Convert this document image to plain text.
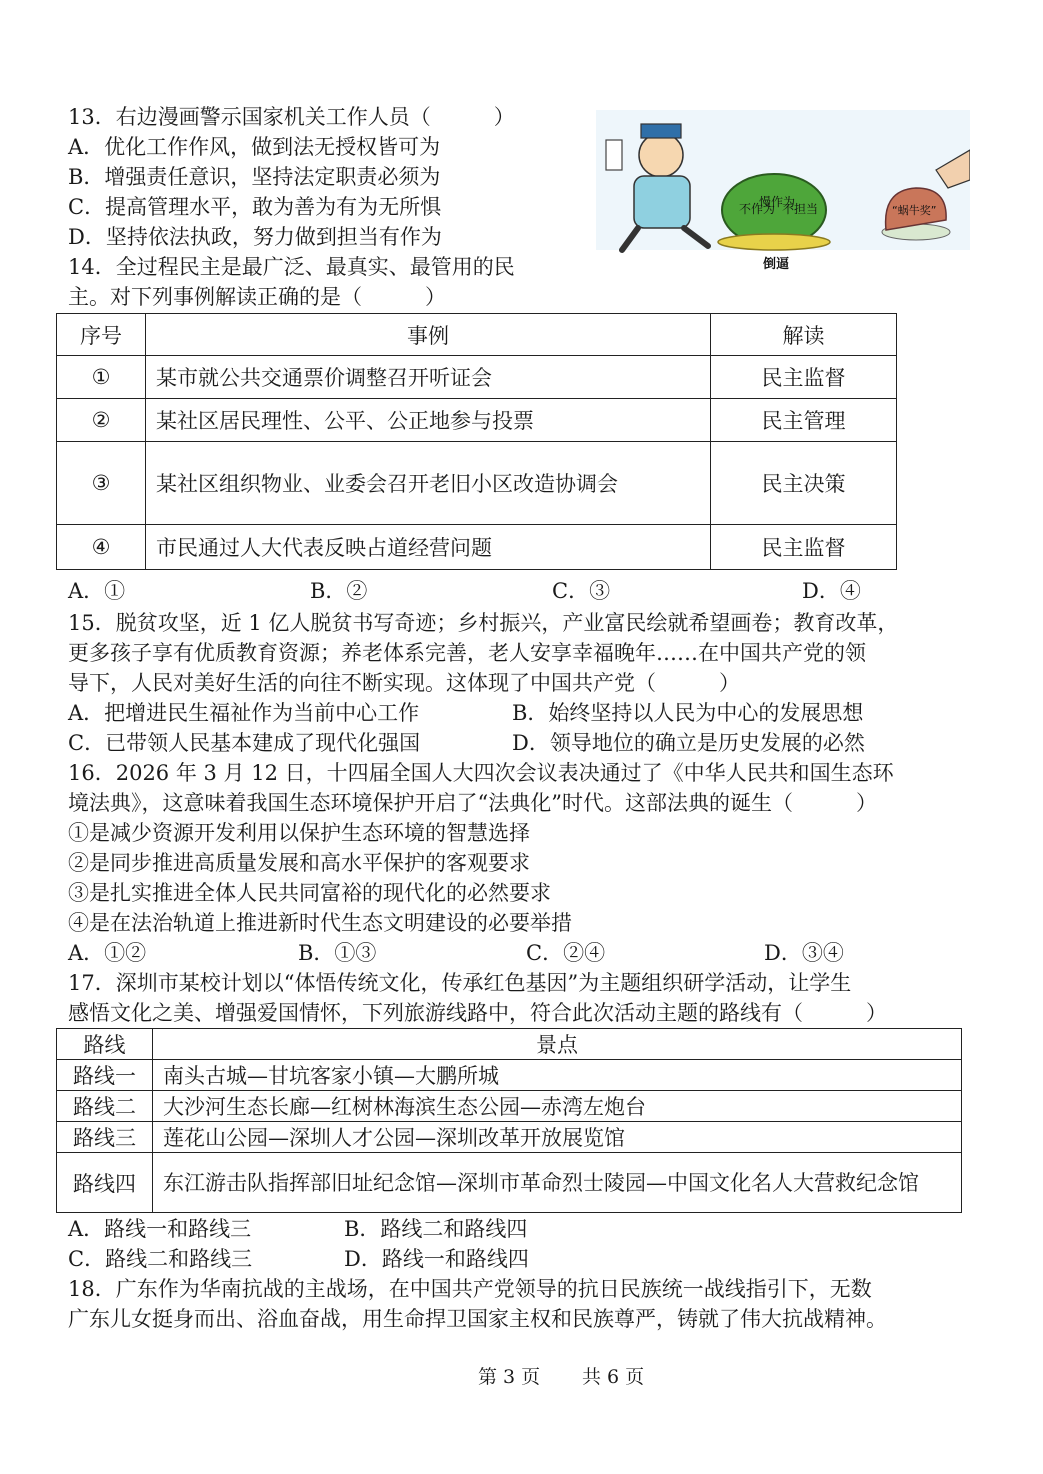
13．右边漫画警示国家机关工作人员（　　　）
A．优化工作作风，做到法无授权皆可为
B．增强责任意识，坚持法定职责必须为
C．提高管理水平，敢为善为有为无所惧
D．坚持依法执政，努力做到担当有作为
不作为
慢作为
不担当	“蜗牛奖”
倒逼
14．全过程民主是最广泛、最真实、最管用的民
主。对下列事例解读正确的是（　　　）
序号	事例	解读
①	某市就公共交通票价调整召开听证会	民主监督
②	某社区居民理性、公平、公正地参与投票	民主管理
③	某社区组织物业、业委会召开老旧小区改造协调会	民主决策
④	市民通过人大代表反映占道经营问题	民主监督
A．①	B．②	C．③	D．④
15．脱贫攻坚，近 1 亿人脱贫书写奇迹；乡村振兴，产业富民绘就希望画卷；教育改革，
更多孩子享有优质教育资源；养老体系完善，老人安享幸福晚年……在中国共产党的领
导下，人民对美好生活的向往不断实现。这体现了中国共产党（　　　）
A．把增进民生福祉作为当前中心工作	B．始终坚持以人民为中心的发展思想
C．已带领人民基本建成了现代化强国	D．领导地位的确立是历史发展的必然
16．2026 年 3 月 12 日，十四届全国人大四次会议表决通过了《中华人民共和国生态环
境法典》，这意味着我国生态环境保护开启了“法典化”时代。这部法典的诞生（　　　）
①是减少资源开发利用以保护生态环境的智慧选择
②是同步推进高质量发展和高水平保护的客观要求
③是扎实推进全体人民共同富裕的现代化的必然要求
④是在法治轨道上推进新时代生态文明建设的必要举措
A．①②	B．①③	C．②④	D．③④
17．深圳市某校计划以“体悟传统文化，传承红色基因”为主题组织研学活动，让学生
感悟文化之美、增强爱国情怀，下列旅游线路中，符合此次活动主题的路线有（　　　）
路线	景点
路线一	南头古城—甘坑客家小镇—大鹏所城
路线二	大沙河生态长廊—红树林海滨生态公园—赤湾左炮台
路线三	莲花山公园—深圳人才公园—深圳改革开放展览馆
路线四	东江游击队指挥部旧址纪念馆—深圳市革命烈士陵园—中国文化名人大营救纪念馆
A．路线一和路线三	B．路线二和路线四
C．路线二和路线三	D．路线一和路线四
18．广东作为华南抗战的主战场，在中国共产党领导的抗日民族统一战线指引下，无数
广东儿女挺身而出、浴血奋战，用生命捍卫国家主权和民族尊严，铸就了伟大抗战精神。
第 3 页 共 6 页
